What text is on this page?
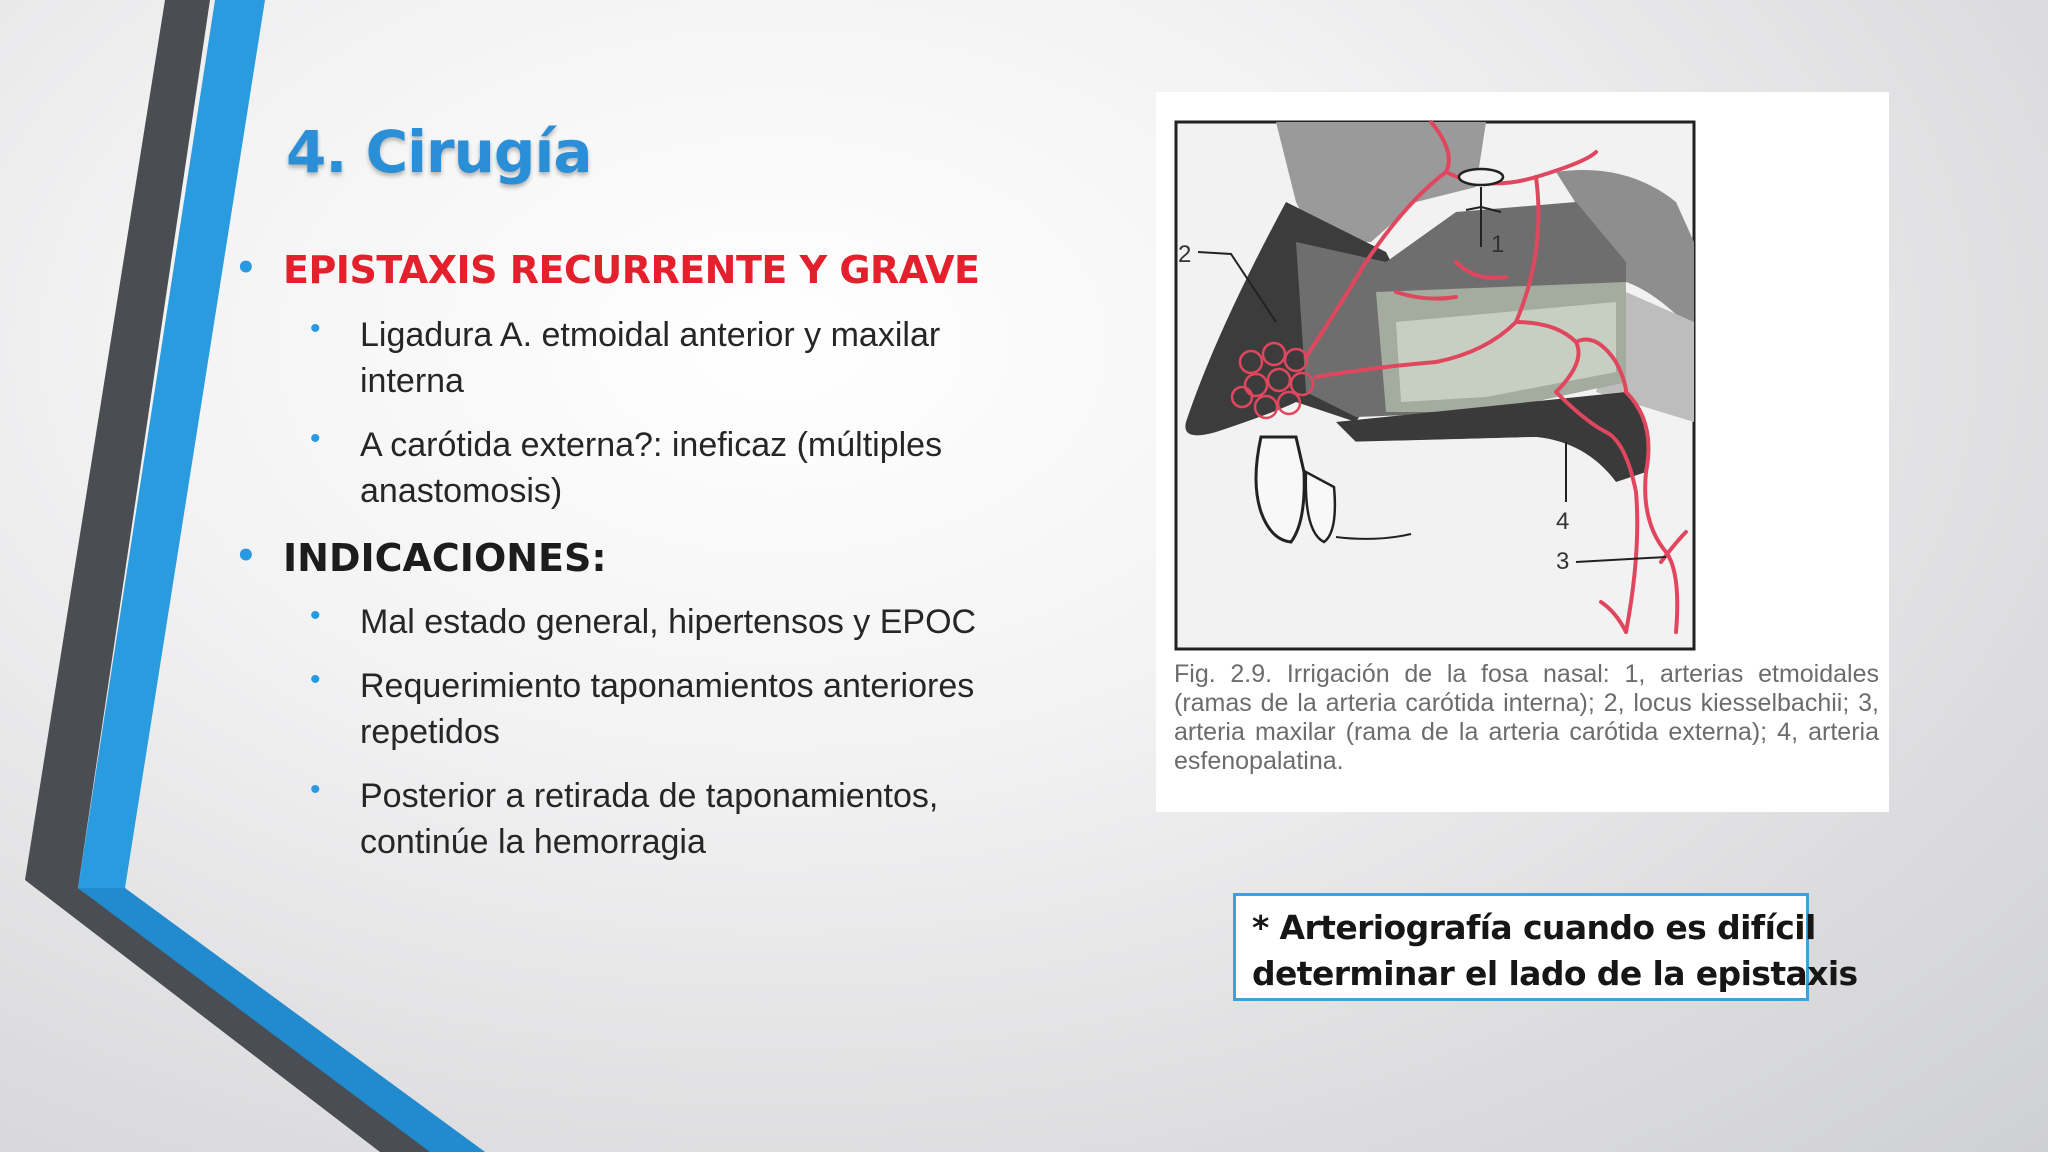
4. Cirugía
• EPISTAXIS RECURRENTE Y GRAVE
• Ligadura A. etmoidal anterior y maxilar interna
• A carótida externa?: ineficaz (múltiples anastomosis)
• INDICACIONES:
• Mal estado general, hipertensos y EPOC
• Requerimiento taponamientos anteriores repetidos
• Posterior a retirada de taponamientos, continúe la hemorragia
1
2
3
4

Fig. 2.9. Irrigación de la fosa nasal: 1, arterias etmoidales (ramas de la arteria carótida interna); 2, locus kiesselbachii; 3, arteria maxilar (rama de la arteria carótida externa); 4, arteria esfenopalatina.

* Arteriografía cuando es difícil
determinar el lado de la epistaxis
